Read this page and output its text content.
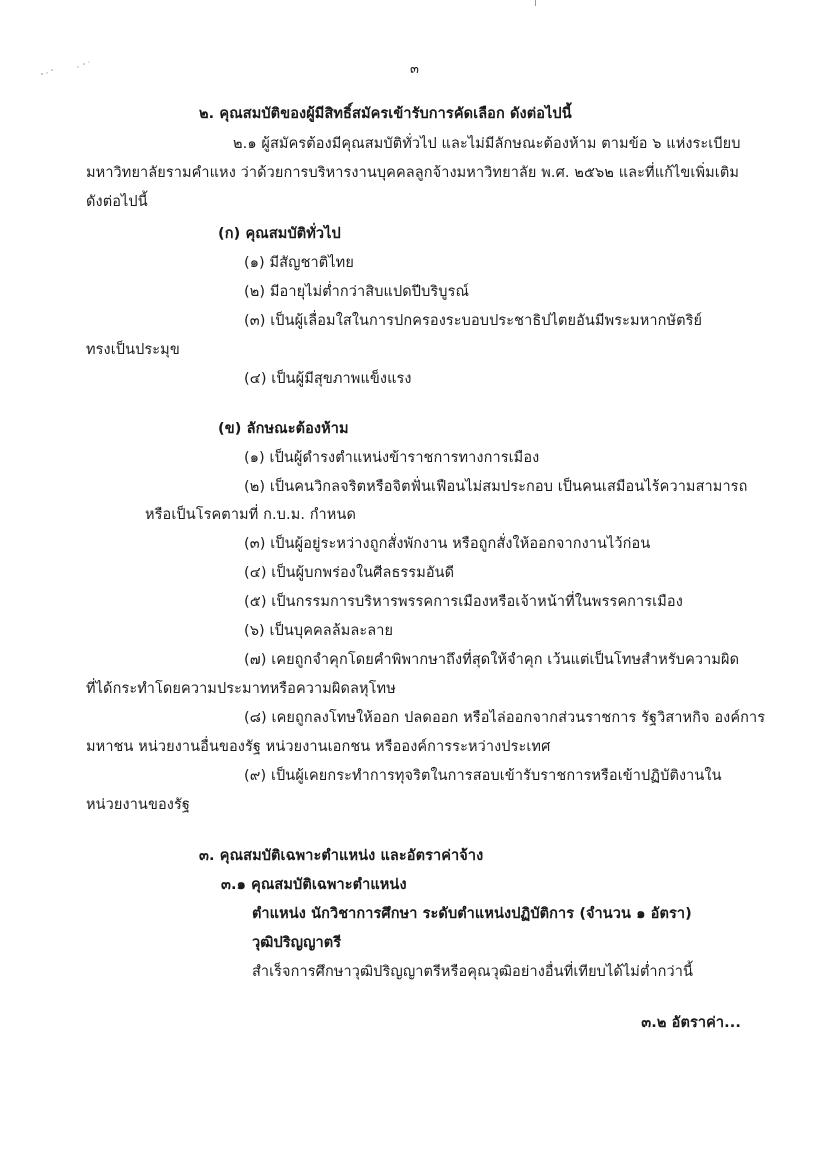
๓
๒. คุณสมบัติของผู้มีสิทธิ์สมัครเข้ารับการคัดเลือก ดังต่อไปนี้
๒.๑ ผู้สมัครต้องมีคุณสมบัติทั่วไป และไม่มีลักษณะต้องห้าม ตามข้อ ๖ แห่งระเบียบ
มหาวิทยาลัยรามคำแหง ว่าด้วยการบริหารงานบุคคลลูกจ้างมหาวิทยาลัย พ.ศ. ๒๕๖๒ และที่แก้ไขเพิ่มเติม
ดังต่อไปนี้
(ก) คุณสมบัติทั่วไป
(๑) มีสัญชาติไทย
(๒) มีอายุไม่ต่ำกว่าสิบแปดปีบริบูรณ์
(๓) เป็นผู้เลื่อมใสในการปกครองระบอบประชาธิปไตยอันมีพระมหากษัตริย์
ทรงเป็นประมุข
(๔) เป็นผู้มีสุขภาพแข็งแรง
(ข) ลักษณะต้องห้าม
(๑) เป็นผู้ดำรงตำแหน่งข้าราชการทางการเมือง
(๒) เป็นคนวิกลจริตหรือจิตฟั่นเฟือนไม่สมประกอบ เป็นคนเสมือนไร้ความสามารถ
หรือเป็นโรคตามที่ ก.บ.ม. กำหนด
(๓) เป็นผู้อยู่ระหว่างถูกสั่งพักงาน หรือถูกสั่งให้ออกจากงานไว้ก่อน
(๔) เป็นผู้บกพร่องในศีลธรรมอันดี
(๕) เป็นกรรมการบริหารพรรคการเมืองหรือเจ้าหน้าที่ในพรรคการเมือง
(๖) เป็นบุคคลล้มละลาย
(๗) เคยถูกจำคุกโดยคำพิพากษาถึงที่สุดให้จำคุก เว้นแต่เป็นโทษสำหรับความผิด
ที่ได้กระทำโดยความประมาทหรือความผิดลหุโทษ
(๘) เคยถูกลงโทษให้ออก ปลดออก หรือไล่ออกจากส่วนราชการ รัฐวิสาหกิจ องค์การ
มหาชน หน่วยงานอื่นของรัฐ หน่วยงานเอกชน หรือองค์การระหว่างประเทศ
(๙) เป็นผู้เคยกระทำการทุจริตในการสอบเข้ารับราชการหรือเข้าปฏิบัติงานใน
หน่วยงานของรัฐ
๓. คุณสมบัติเฉพาะตำแหน่ง และอัตราค่าจ้าง
๓.๑ คุณสมบัติเฉพาะตำแหน่ง
ตำแหน่ง นักวิชาการศึกษา ระดับตำแหน่งปฏิบัติการ (จำนวน ๑ อัตรา)
วุฒิปริญญาตรี
สำเร็จการศึกษาวุฒิปริญญาตรีหรือคุณวุฒิอย่างอื่นที่เทียบได้ไม่ต่ำกว่านี้
๓.๒ อัตราค่า...
